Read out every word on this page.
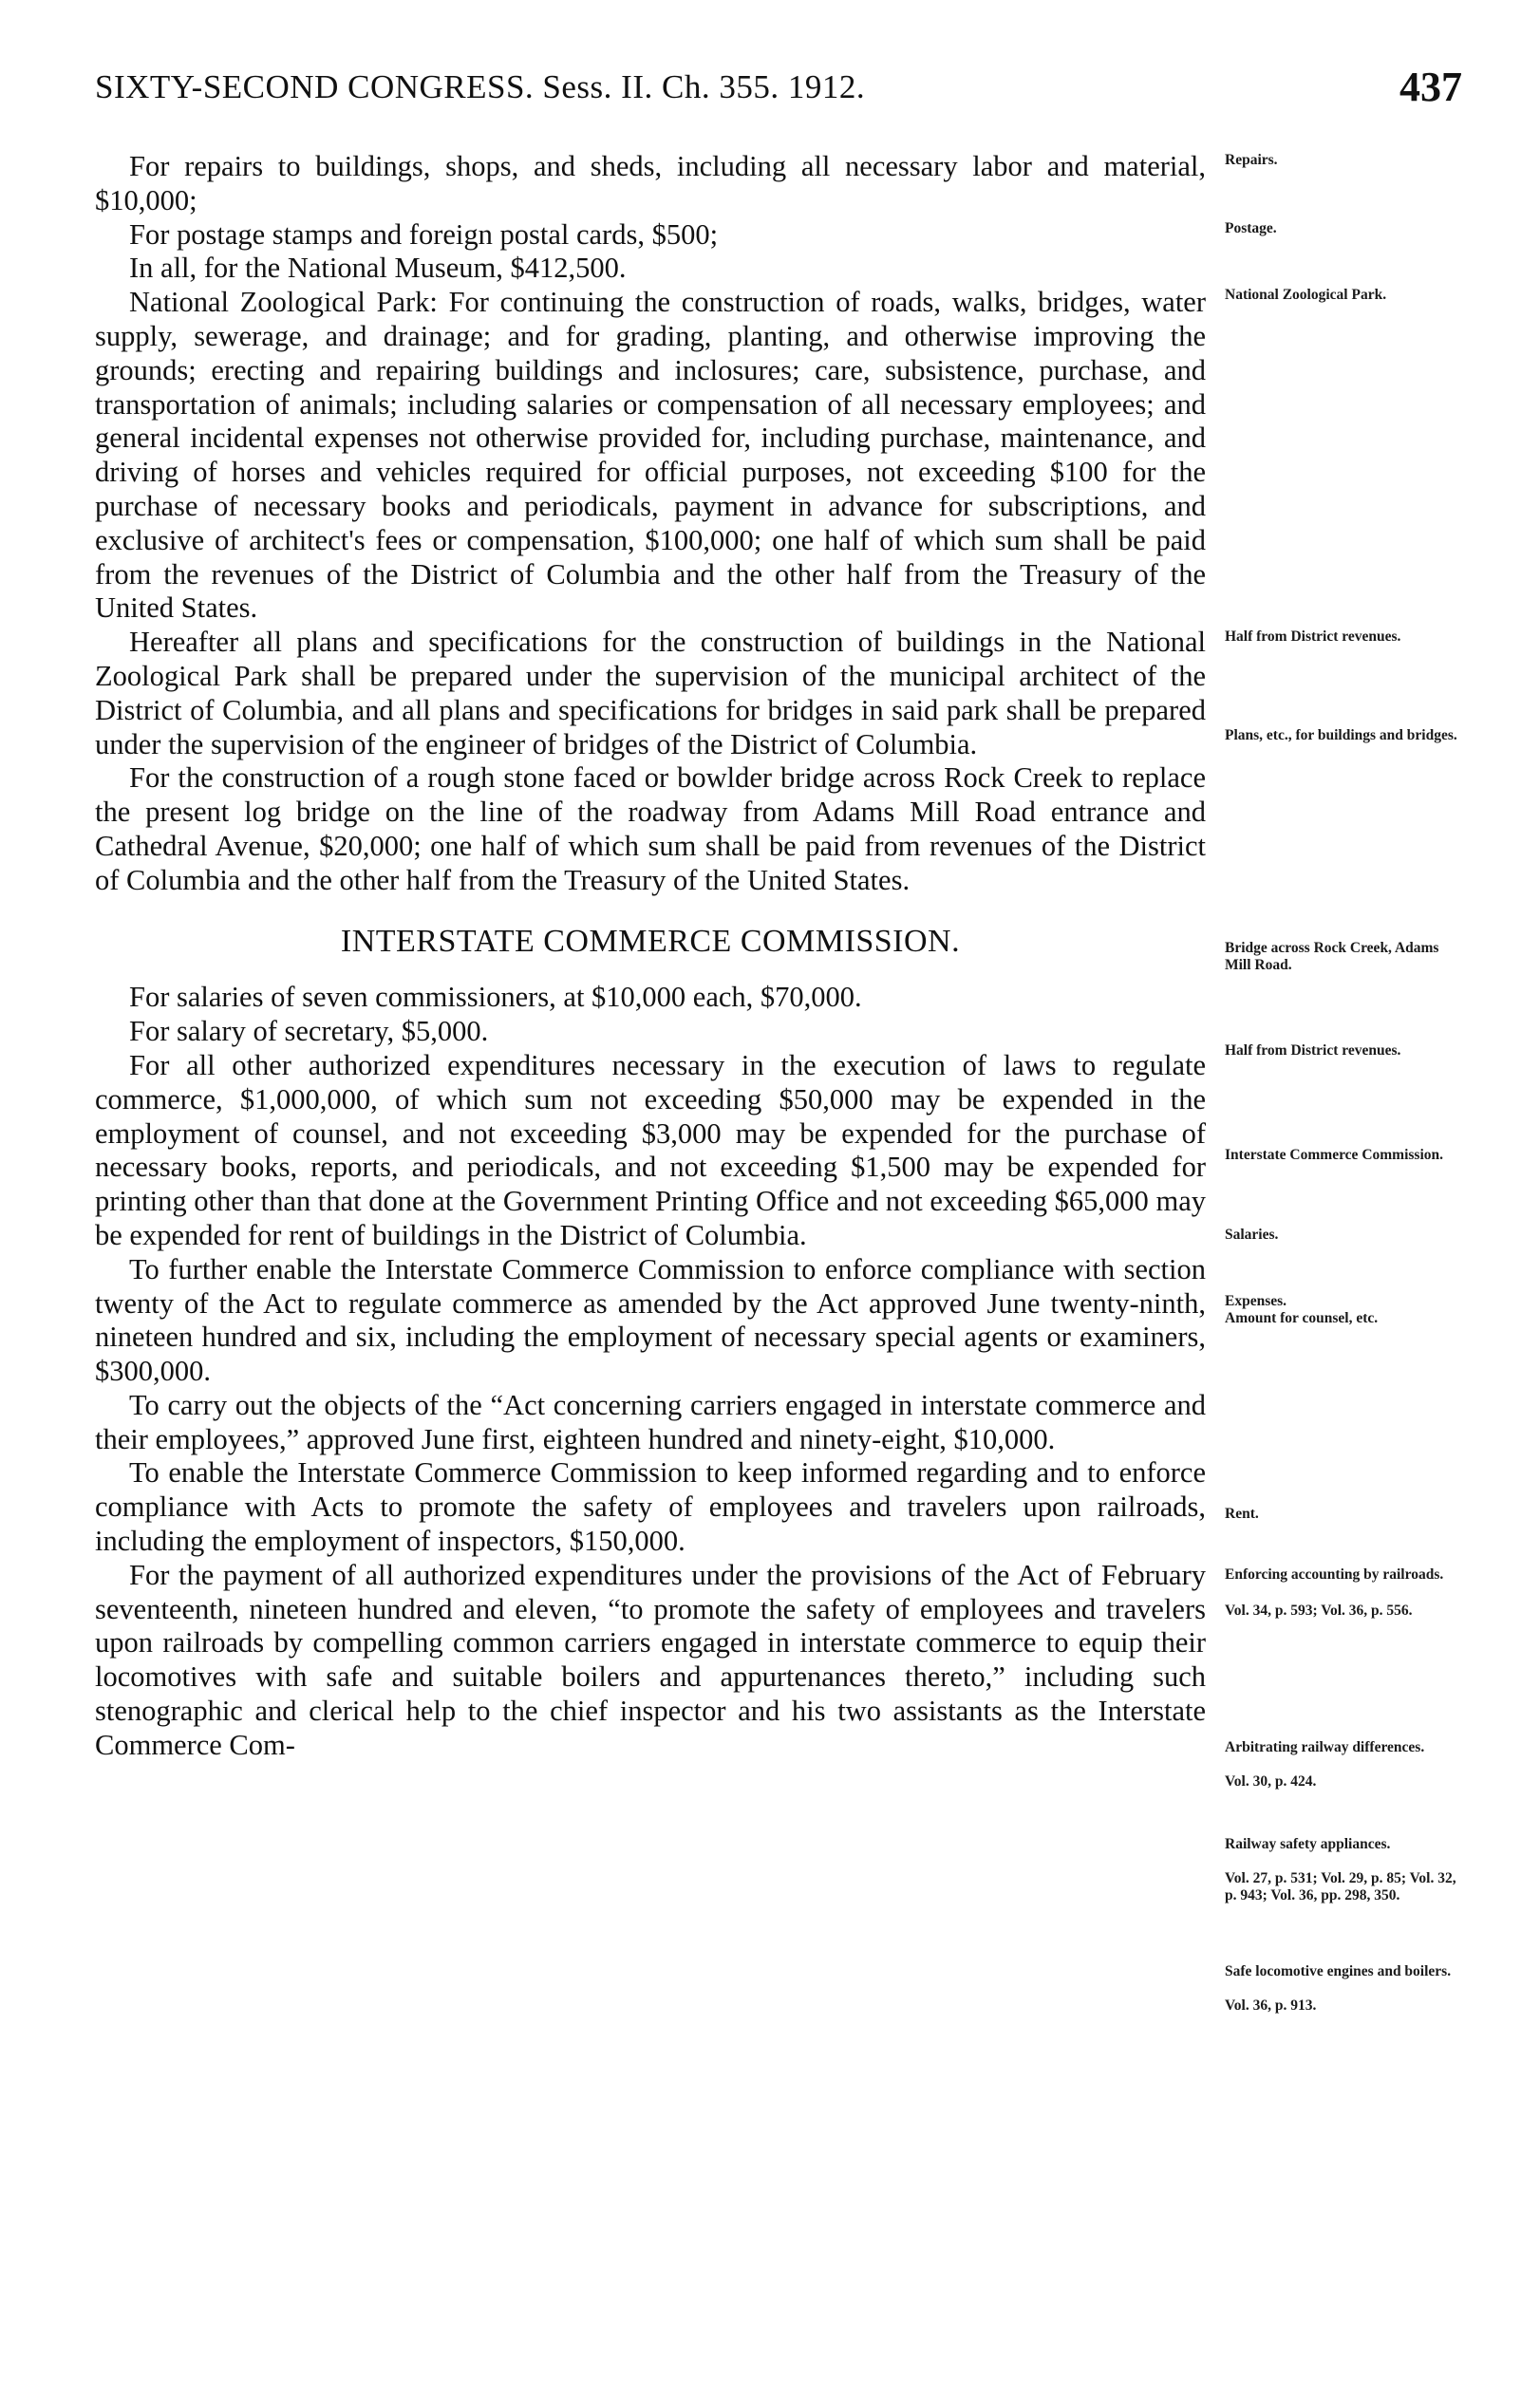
SIXTY-SECOND CONGRESS. Sess. II. Ch. 355. 1912.	437

For repairs to buildings, shops, and sheds, including all necessary labor and material, $10,000;

For postage stamps and foreign postal cards, $500;

In all, for the National Museum, $412,500.

National Zoological Park: For continuing the construction of roads, walks, bridges, water supply, sewerage, and drainage; and for grading, planting, and otherwise improving the grounds; erecting and repairing buildings and inclosures; care, subsistence, purchase, and transportation of animals; including salaries or compensation of all necessary employees; and general incidental expenses not otherwise provided for, including purchase, maintenance, and driving of horses and vehicles required for official purposes, not exceeding $100 for the purchase of necessary books and periodicals, payment in advance for subscriptions, and exclusive of architect's fees or compensation, $100,000; one half of which sum shall be paid from the revenues of the District of Columbia and the other half from the Treasury of the United States.

Hereafter all plans and specifications for the construction of buildings in the National Zoological Park shall be prepared under the supervision of the municipal architect of the District of Columbia, and all plans and specifications for bridges in said park shall be prepared under the supervision of the engineer of bridges of the District of Columbia.

For the construction of a rough stone faced or bowlder bridge across Rock Creek to replace the present log bridge on the line of the roadway from Adams Mill Road entrance and Cathedral Avenue, $20,000; one half of which sum shall be paid from revenues of the District of Columbia and the other half from the Treasury of the United States.

INTERSTATE COMMERCE COMMISSION.

For salaries of seven commissioners, at $10,000 each, $70,000.

For salary of secretary, $5,000.

For all other authorized expenditures necessary in the execution of laws to regulate commerce, $1,000,000, of which sum not exceeding $50,000 may be expended in the employment of counsel, and not exceeding $3,000 may be expended for the purchase of necessary books, reports, and periodicals, and not exceeding $1,500 may be expended for printing other than that done at the Government Printing Office and not exceeding $65,000 may be expended for rent of buildings in the District of Columbia.

To further enable the Interstate Commerce Commission to enforce compliance with section twenty of the Act to regulate commerce as amended by the Act approved June twenty-ninth, nineteen hundred and six, including the employment of necessary special agents or examiners, $300,000.

To carry out the objects of the “Act concerning carriers engaged in interstate commerce and their employees,” approved June first, eighteen hundred and ninety-eight, $10,000.

To enable the Interstate Commerce Commission to keep informed regarding and to enforce compliance with Acts to promote the safety of employees and travelers upon railroads, including the employment of inspectors, $150,000.

For the payment of all authorized expenditures under the provisions of the Act of February seventeenth, nineteen hundred and eleven, “to promote the safety of employees and travelers upon railroads by compelling common carriers engaged in interstate commerce to equip their locomotives with safe and suitable boilers and appurtenances thereto,” including such stenographic and clerical help to the chief inspector and his two assistants as the Interstate Commerce Com-

Repairs.
Postage.
National Zoological Park.
Half from District revenues.
Plans, etc., for buildings and bridges.
Bridge across Rock Creek, Adams Mill Road.
Half from District revenues.
Interstate Commerce Commission.
Salaries.
Expenses.
Amount for counsel, etc.
Rent.
Enforcing accounting by railroads.
Vol. 34, p. 593; Vol. 36, p. 556.
Arbitrating railway differences.
Vol. 30, p. 424.
Railway safety appliances.
Vol. 27, p. 531; Vol. 29, p. 85; Vol. 32, p. 943; Vol. 36, pp. 298, 350.
Safe locomotive engines and boilers.
Vol. 36, p. 913.
